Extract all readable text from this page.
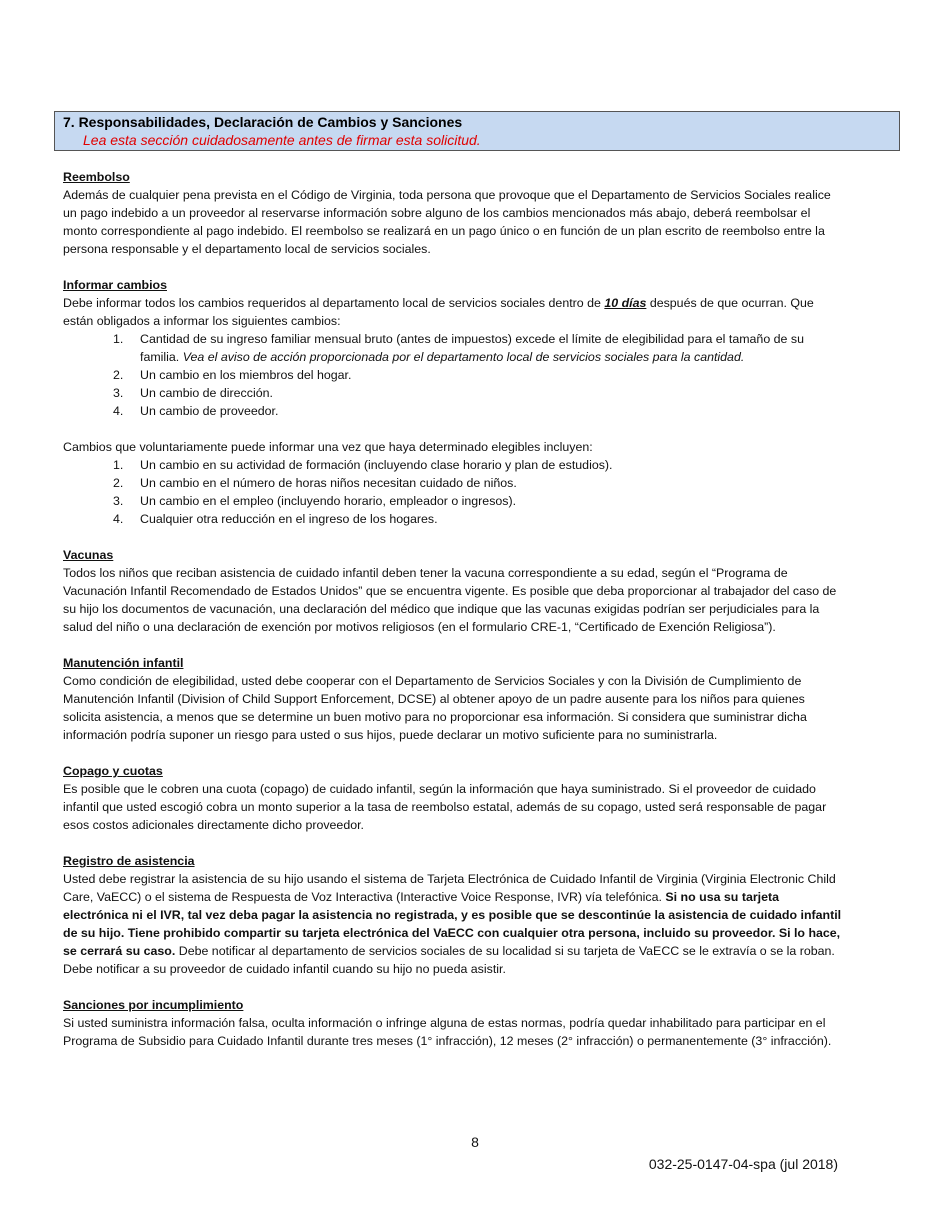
7. Responsabilidades, Declaración de Cambios y Sanciones
Lea esta sección cuidadosamente antes de firmar esta solicitud.
Reembolso

Además de cualquier pena prevista en el Código de Virginia, toda persona que provoque que el Departamento de Servicios Sociales realice un pago indebido a un proveedor al reservarse información sobre alguno de los cambios mencionados más abajo, deberá reembolsar el monto correspondiente al pago indebido. El reembolso se realizará en un pago único o en función de un plan escrito de reembolso entre la persona responsable y el departamento local de servicios sociales.

Informar cambios

Debe informar todos los cambios requeridos al departamento local de servicios sociales dentro de 10 días después de que ocurran. Que están obligados a informar los siguientes cambios:

1. Cantidad de su ingreso familiar mensual bruto (antes de impuestos) excede el límite de elegibilidad para el tamaño de su familia. Vea el aviso de acción proporcionada por el departamento local de servicios sociales para la cantidad.
2. Un cambio en los miembros del hogar.
3. Un cambio de dirección.
4. Un cambio de proveedor.

Cambios que voluntariamente puede informar una vez que haya determinado elegibles incluyen:

1. Un cambio en su actividad de formación (incluyendo clase horario y plan de estudios).
2. Un cambio en el número de horas niños necesitan cuidado de niños.
3. Un cambio en el empleo (incluyendo horario, empleador o ingresos).
4. Cualquier otra reducción en el ingreso de los hogares.
Vacunas

Todos los niños que reciban asistencia de cuidado infantil deben tener la vacuna correspondiente a su edad, según el “Programa de Vacunación Infantil Recomendado de Estados Unidos” que se encuentra vigente. Es posible que deba proporcionar al trabajador del caso de su hijo los documentos de vacunación, una declaración del médico que indique que las vacunas exigidas podrían ser perjudiciales para la salud del niño o una declaración de exención por motivos religiosos (en el formulario CRE-1, “Certificado de Exención Religiosa”).

Manutención infantil

Como condición de elegibilidad, usted debe cooperar con el Departamento de Servicios Sociales y con la División de Cumplimiento de Manutención Infantil (Division of Child Support Enforcement, DCSE) al obtener apoyo de un padre ausente para los niños para quienes solicita asistencia, a menos que se determine un buen motivo para no proporcionar esa información. Si considera que suministrar dicha información podría suponer un riesgo para usted o sus hijos, puede declarar un motivo suficiente para no suministrarla.

Copago y cuotas

Es posible que le cobren una cuota (copago) de cuidado infantil, según la información que haya suministrado. Si el proveedor de cuidado infantil que usted escogió cobra un monto superior a la tasa de reembolso estatal, además de su copago, usted será responsable de pagar esos costos adicionales directamente dicho proveedor.

Registro de asistencia

Usted debe registrar la asistencia de su hijo usando el sistema de Tarjeta Electrónica de Cuidado Infantil de Virginia (Virginia Electronic Child Care, VaECC) o el sistema de Respuesta de Voz Interactiva (Interactive Voice Response, IVR) vía telefónica. Si no usa su tarjeta electrónica ni el IVR, tal vez deba pagar la asistencia no registrada, y es posible que se descontinúe la asistencia de cuidado infantil de su hijo. Tiene prohibido compartir su tarjeta electrónica del VaECC con cualquier otra persona, incluido su proveedor. Si lo hace, se cerrará su caso. Debe notificar al departamento de servicios sociales de su localidad si su tarjeta de VaECC se le extravía o se la roban. Debe notificar a su proveedor de cuidado infantil cuando su hijo no pueda asistir.

Sanciones por incumplimiento

Si usted suministra información falsa, oculta información o infringe alguna de estas normas, podría quedar inhabilitado para participar en el Programa de Subsidio para Cuidado Infantil durante tres meses (1° infracción), 12 meses (2° infracción) o permanentemente (3° infracción).

8
032-25-0147-04-spa (jul 2018)
